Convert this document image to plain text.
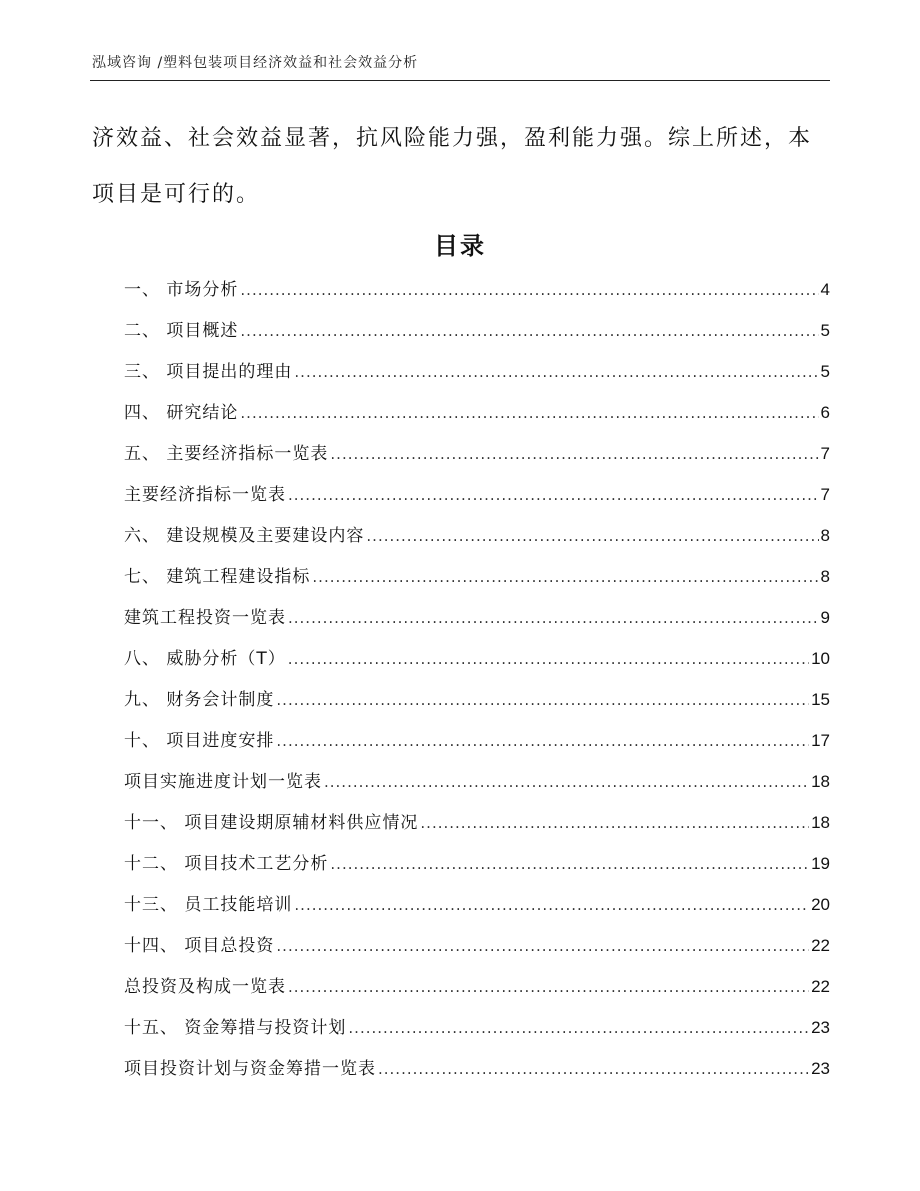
泓域咨询 /塑料包装项目经济效益和社会效益分析

济效益、社会效益显著，抗风险能力强，盈利能力强。综上所述，本

项目是可行的。

目录
一、 市场分析 .....	4
二、 项目概述 .....	5
三、 项目提出的理由 .....	5
四、 研究结论 .....	6
五、 主要经济指标一览表 .....	7
主要经济指标一览表 .....	7
六、 建设规模及主要建设内容 .....	8
七、 建筑工程建设指标 .....	8
建筑工程投资一览表 .....	9
八、 威胁分析（T） .....	10
九、 财务会计制度 .....	15
十、 项目进度安排 .....	17
项目实施进度计划一览表 .....	18
十一、 项目建设期原辅材料供应情况 .....	18
十二、 项目技术工艺分析 .....	19
十三、 员工技能培训 .....	20
十四、 项目总投资 .....	22
总投资及构成一览表 .....	22
十五、 资金筹措与投资计划 .....	23
项目投资计划与资金筹措一览表 .....	23
